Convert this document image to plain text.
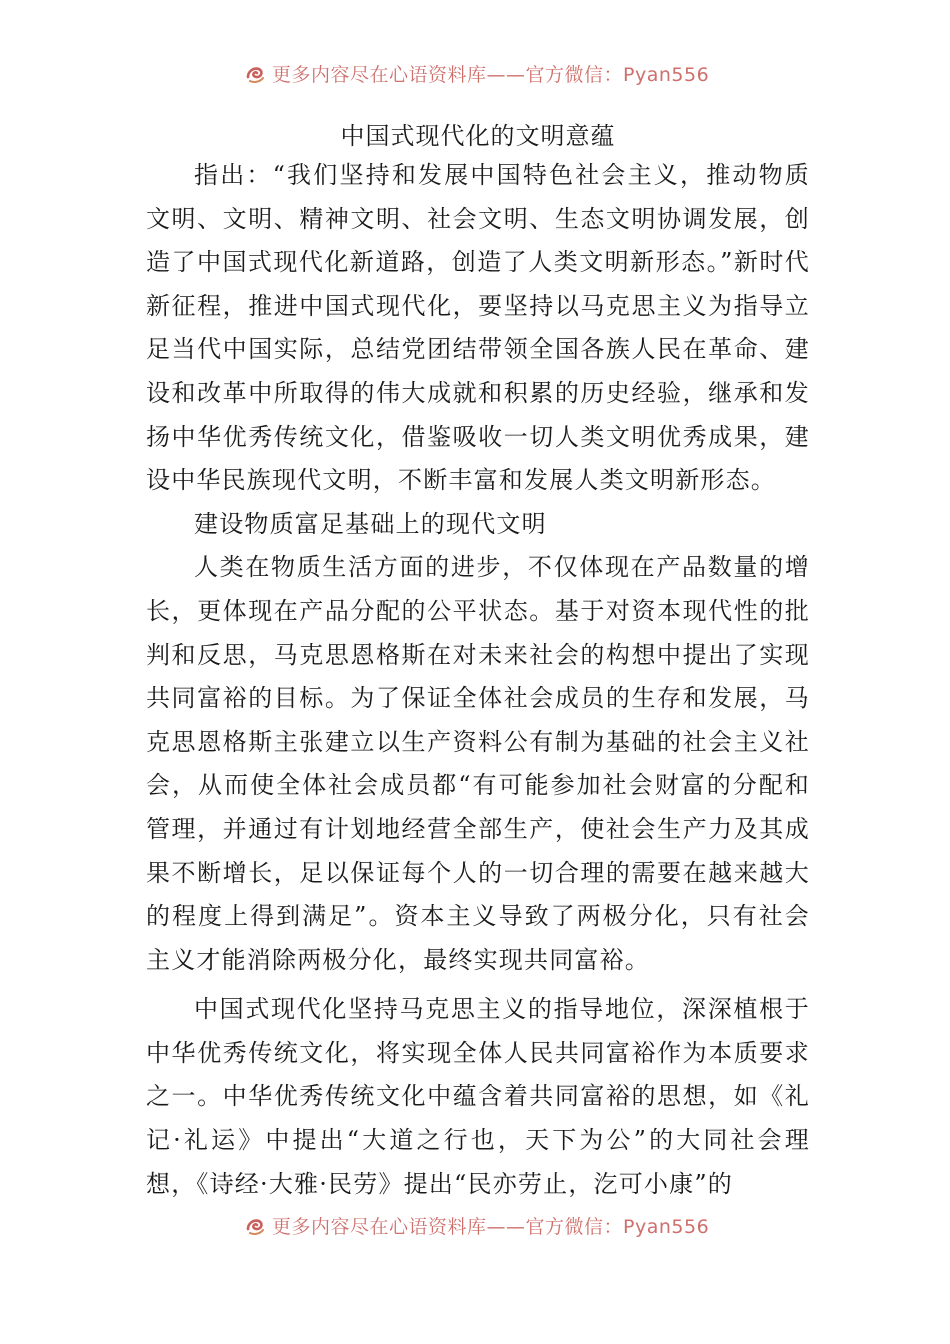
更多内容尽在心语资料库——官方微信：Pyan556
中国式现代化的文明意蕴

指出：“我们坚持和发展中国特色社会主义，推动物质文明、文明、精神文明、社会文明、生态文明协调发展，创造了中国式现代化新道路，创造了人类文明新形态。”新时代新征程，推进中国式现代化，要坚持以马克思主义为指导立足当代中国实际，总结党团结带领全国各族人民在革命、建设和改革中所取得的伟大成就和积累的历史经验，继承和发扬中华优秀传统文化，借鉴吸收一切人类文明优秀成果，建设中华民族现代文明，不断丰富和发展人类文明新形态。

建设物质富足基础上的现代文明

人类在物质生活方面的进步，不仅体现在产品数量的增长，更体现在产品分配的公平状态。基于对资本现代性的批判和反思，马克思恩格斯在对未来社会的构想中提出了实现共同富裕的目标。为了保证全体社会成员的生存和发展，马克思恩格斯主张建立以生产资料公有制为基础的社会主义社会，从而使全体社会成员都“有可能参加社会财富的分配和管理，并通过有计划地经营全部生产，使社会生产力及其成果不断增长，足以保证每个人的一切合理的需要在越来越大的程度上得到满足”。资本主义导致了两极分化，只有社会主义才能消除两极分化，最终实现共同富裕。

中国式现代化坚持马克思主义的指导地位，深深植根于中华优秀传统文化，将实现全体人民共同富裕作为本质要求之一。中华优秀传统文化中蕴含着共同富裕的思想，如《礼记·礼运》中提出“大道之行也，天下为公”的大同社会理想，《诗经·大雅·民劳》提出“民亦劳止，汔可小康”的

更多内容尽在心语资料库——官方微信：Pyan556
